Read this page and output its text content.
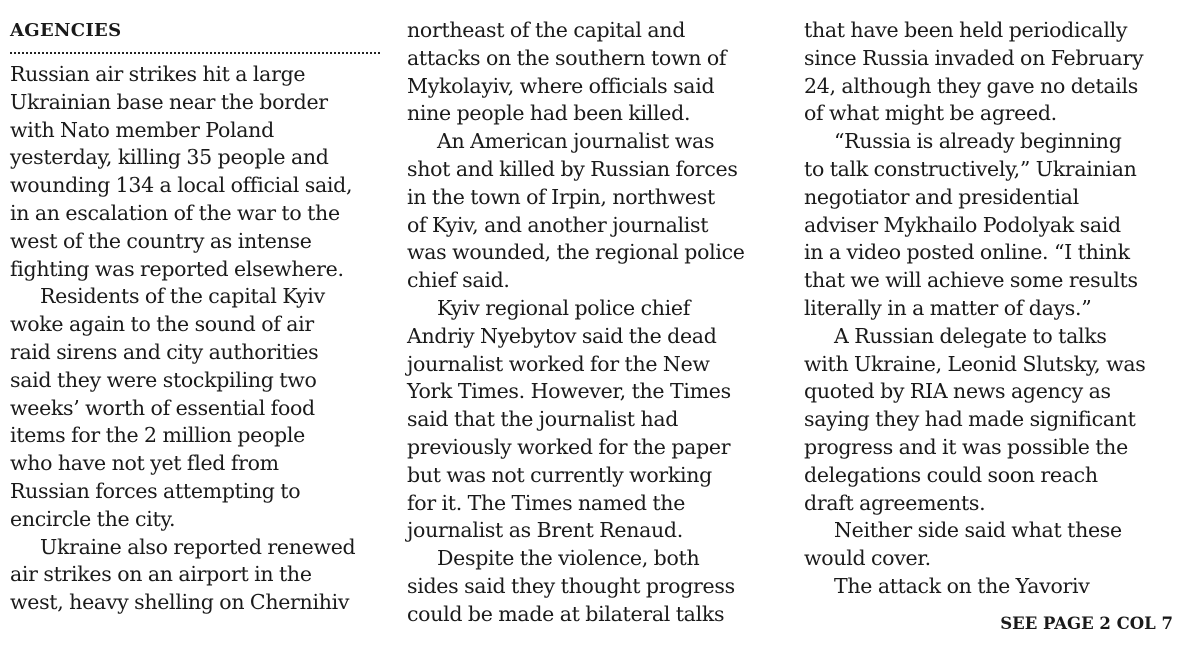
AGENCIES

Russian air strikes hit a large
Ukrainian base near the border
with Nato member Poland
yesterday, killing 35 people and
wounding 134 a local official said,
in an escalation of the war to the
west of the country as intense
fighting was reported elsewhere.

Residents of the capital Kyiv
woke again to the sound of air
raid sirens and city authorities
said they were stockpiling two
weeks’ worth of essential food
items for the 2 million people
who have not yet fled from
Russian forces attempting to
encircle the city.

Ukraine also reported renewed
air strikes on an airport in the
west, heavy shelling on Chernihiv

northeast of the capital and
attacks on the southern town of
Mykolayiv, where officials said
nine people had been killed.

An American journalist was
shot and killed by Russian forces
in the town of Irpin, northwest
of Kyiv, and another journalist
was wounded, the regional police
chief said.

Kyiv regional police chief
Andriy Nyebytov said the dead
journalist worked for the New
York Times. However, the Times
said that the journalist had
previously worked for the paper
but was not currently working
for it. The Times named the
journalist as Brent Renaud.

Despite the violence, both
sides said they thought progress
could be made at bilateral talks

that have been held periodically
since Russia invaded on February
24, although they gave no details
of what might be agreed.

“Russia is already beginning
to talk constructively,” Ukrainian
negotiator and presidential
adviser Mykhailo Podolyak said
in a video posted online. “I think
that we will achieve some results
literally in a matter of days.”

A Russian delegate to talks
with Ukraine, Leonid Slutsky, was
quoted by RIA news agency as
saying they had made significant
progress and it was possible the
delegations could soon reach
draft agreements.

Neither side said what these
would cover.

The attack on the Yavoriv

SEE PAGE 2 COL 7
